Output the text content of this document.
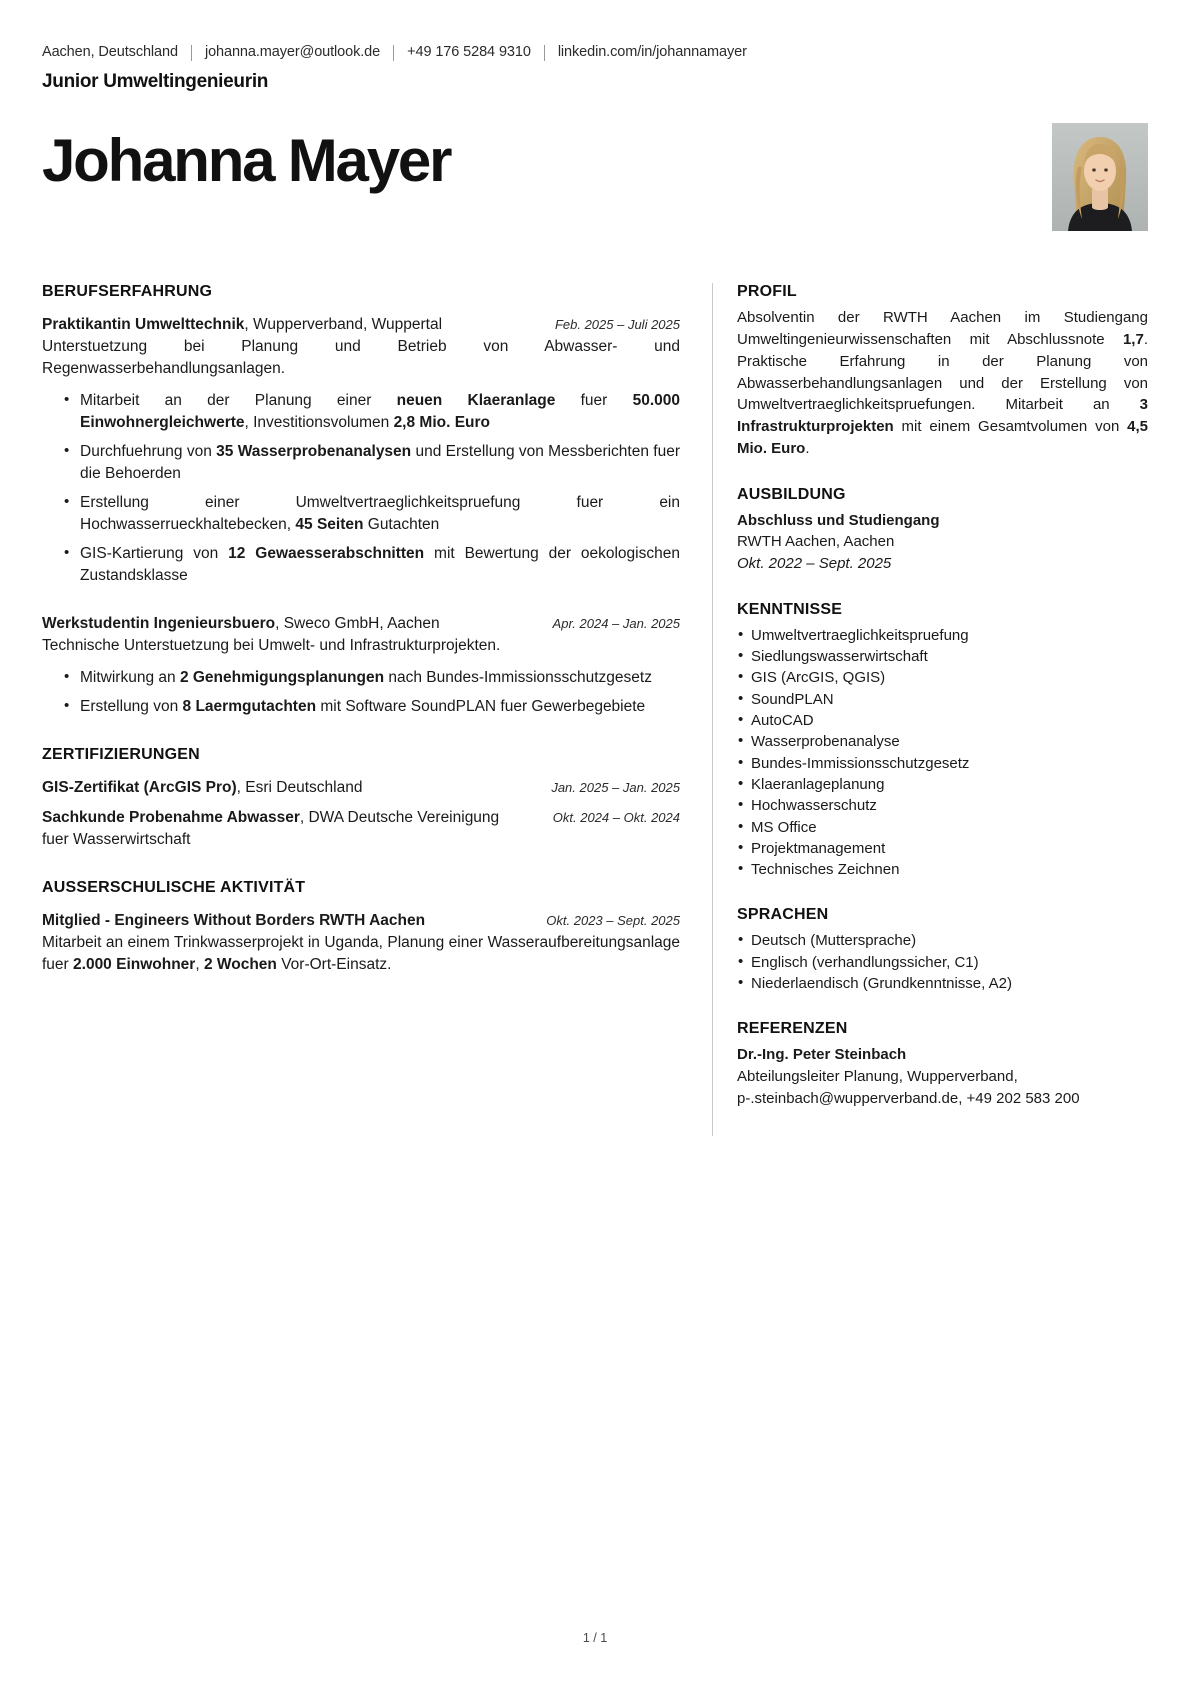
Aachen, Deutschland johanna.mayer@outlook.de +49 176 5284 9310 linkedin.com/in/johannamayer
Junior Umweltingenieurin
Johanna Mayer
BERUFSERFAHRUNG
Praktikantin Umwelttechnik, Wupperverband, Wuppertal	Feb. 2025 – Juli 2025
Unterstuetzung bei Planung und Betrieb von Abwasser- und Regenwasserbehandlungsanlagen.
• Mitarbeit an der Planung einer neuen Klaeranlage fuer 50.000 Einwohnergleichwerte, Investitionsvolumen 2,8 Mio. Euro
• Durchfuehrung von 35 Wasserprobenanalysen und Erstellung von Messberichten fuer die Behoerden
• Erstellung einer Umweltvertraeglichkeitspruefung fuer ein Hochwasserrueckhaltebecken, 45 Seiten Gutachten
• GIS-Kartierung von 12 Gewaesserabschnitten mit Bewertung der oekologischen Zustandsklasse
Werkstudentin Ingenieursbuero, Sweco GmbH, Aachen	Apr. 2024 – Jan. 2025
Technische Unterstuetzung bei Umwelt- und Infrastrukturprojekten.
• Mitwirkung an 2 Genehmigungsplanungen nach Bundes-Immissionsschutzgesetz
• Erstellung von 8 Laermgutachten mit Software SoundPLAN fuer Gewerbegebiete
ZERTIFIZIERUNGEN
GIS-Zertifikat (ArcGIS Pro), Esri Deutschland	Jan. 2025 – Jan. 2025
Sachkunde Probenahme Abwasser, DWA Deutsche Vereinigung fuer Wasserwirtschaft
Okt. 2024 – Okt. 2024
AUSSERSCHULISCHE AKTIVITÄT
Mitglied - Engineers Without Borders RWTH Aachen	Okt. 2023 – Sept. 2025
Mitarbeit an einem Trinkwasserprojekt in Uganda, Planung einer Wasseraufbereitungsanlage fuer 2.000 Einwohner, 2 Wochen Vor-Ort-Einsatz.
PROFIL
Absolventin der RWTH Aachen im Studiengang Umweltingenieurwissenschaften mit Abschlussnote 1,7. Praktische Erfahrung in der Planung von Abwasserbehandlungsanlagen und der Erstellung von Umweltvertraeglichkeitspruefungen. Mitarbeit an 3 Infrastrukturprojekten mit einem Gesamtvolumen von 4,5 Mio. Euro.
AUSBILDUNG
Abschluss und Studiengang
RWTH Aachen, Aachen
Okt. 2022 – Sept. 2025
KENNTNISSE
• Umweltvertraeglichkeitspruefung
• Siedlungswasserwirtschaft
• GIS (ArcGIS, QGIS)
• SoundPLAN
• AutoCAD
• Wasserprobenanalyse
• Bundes-Immissionsschutzgesetz
• Klaeranlageplanung
• Hochwasserschutz
• MS Office
• Projektmanagement
• Technisches Zeichnen
SPRACHEN
• Deutsch (Muttersprache)
• Englisch (verhandlungssicher, C1)
• Niederlaendisch (Grundkenntnisse, A2)
REFERENZEN
Dr.-Ing. Peter Steinbach
Abteilungsleiter Planung, Wupperverband, p-.steinbach@wupperverband.de, +49 202 583 200
1 / 1
